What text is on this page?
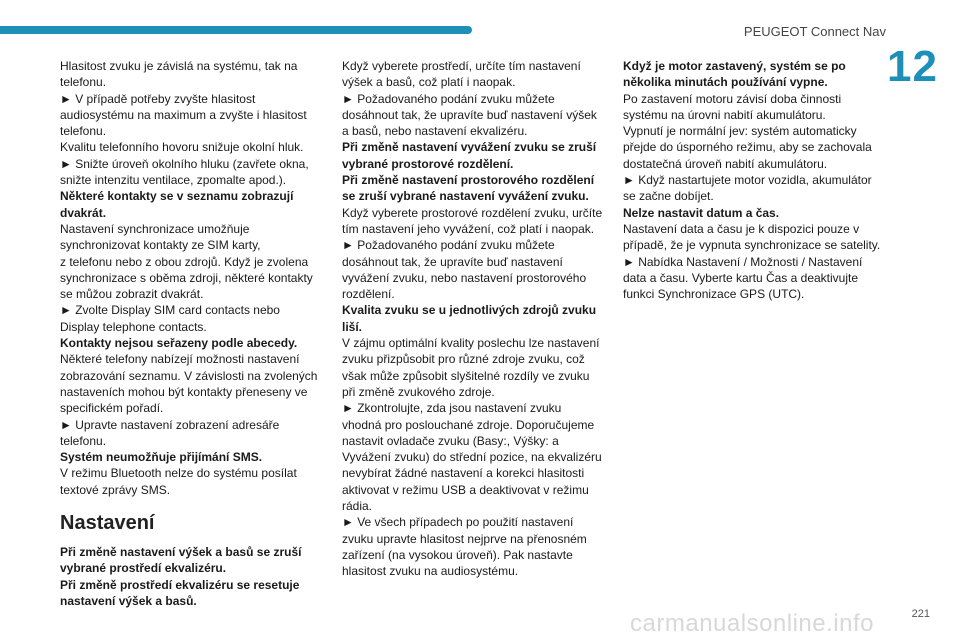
PEUGEOT Connect Nav
12

Hlasitost zvuku je závislá na systému, tak na telefonu.

► V případě potřeby zvyšte hlasitost audiosystému na maximum a zvyšte i hlasitost telefonu.

Kvalitu telefonního hovoru snižuje okolní hluk.

► Snižte úroveň okolního hluku (zavřete okna, snižte intenzitu ventilace, zpomalte apod.).

Některé kontakty se v seznamu zobrazují dvakrát.

Nastavení synchronizace umožňuje synchronizovat kontakty ze SIM karty,

z telefonu nebo z obou zdrojů. Když je zvolena synchronizace s oběma zdroji, některé kontakty se můžou zobrazit dvakrát.

► Zvolte Display SIM card contacts nebo Display telephone contacts.

Kontakty nejsou seřazeny podle abecedy.

Některé telefony nabízejí možnosti nastavení zobrazování seznamu. V závislosti na zvolených nastaveních mohou být kontakty přeneseny ve specifickém pořadí.

► Upravte nastavení zobrazení adresáře telefonu.

Systém neumožňuje přijímání SMS.

V režimu Bluetooth nelze do systému posílat textové zprávy SMS.

Nastavení

Při změně nastavení výšek a basů se zruší vybrané prostředí ekvalizéru.

Při změně prostředí ekvalizéru se resetuje nastavení výšek a basů.

Když vyberete prostředí, určíte tím nastavení výšek a basů, což platí i naopak.

► Požadovaného podání zvuku můžete dosáhnout tak, že upravíte buď nastavení výšek a basů, nebo nastavení ekvalizéru.

Při změně nastavení vyvážení zvuku se zruší vybrané prostorové rozdělení.

Při změně nastavení prostorového rozdělení se zruší vybrané nastavení vyvážení zvuku.

Když vyberete prostorové rozdělení zvuku, určíte tím nastavení jeho vyvážení, což platí i naopak.

► Požadovaného podání zvuku můžete dosáhnout tak, že upravíte buď nastavení vyvážení zvuku, nebo nastavení prostorového rozdělení.

Kvalita zvuku se u jednotlivých zdrojů zvuku liší.

V zájmu optimální kvality poslechu lze nastavení zvuku přizpůsobit pro různé zdroje zvuku, což však může způsobit slyšitelné rozdíly ve zvuku při změně zvukového zdroje.

► Zkontrolujte, zda jsou nastavení zvuku vhodná pro poslouchané zdroje. Doporučujeme nastavit ovladače zvuku (Basy:, Výšky: a Vyvážení zvuku) do střední pozice, na ekvalizéru nevybírat žádné nastavení a korekci hlasitosti aktivovat v režimu USB a deaktivovat v režimu rádia.

► Ve všech případech po použití nastavení zvuku upravte hlasitost nejprve na přenosném zařízení (na vysokou úroveň). Pak nastavte hlasitost zvuku na audiosystému.

Když je motor zastavený, systém se po několika minutách používání vypne.

Po zastavení motoru závisí doba činnosti systému na úrovni nabití akumulátoru.

Vypnutí je normální jev: systém automaticky přejde do úsporného režimu, aby se zachovala dostatečná úroveň nabití akumulátoru.

► Když nastartujete motor vozidla, akumulátor se začne dobíjet.

Nelze nastavit datum a čas.

Nastavení data a času je k dispozici pouze v případě, že je vypnuta synchronizace se satelity.

► Nabídka Nastavení / Možnosti / Nastavení data a času. Vyberte kartu Čas a deaktivujte funkci Synchronizace GPS (UTC).

carmanualsonline.info	221
